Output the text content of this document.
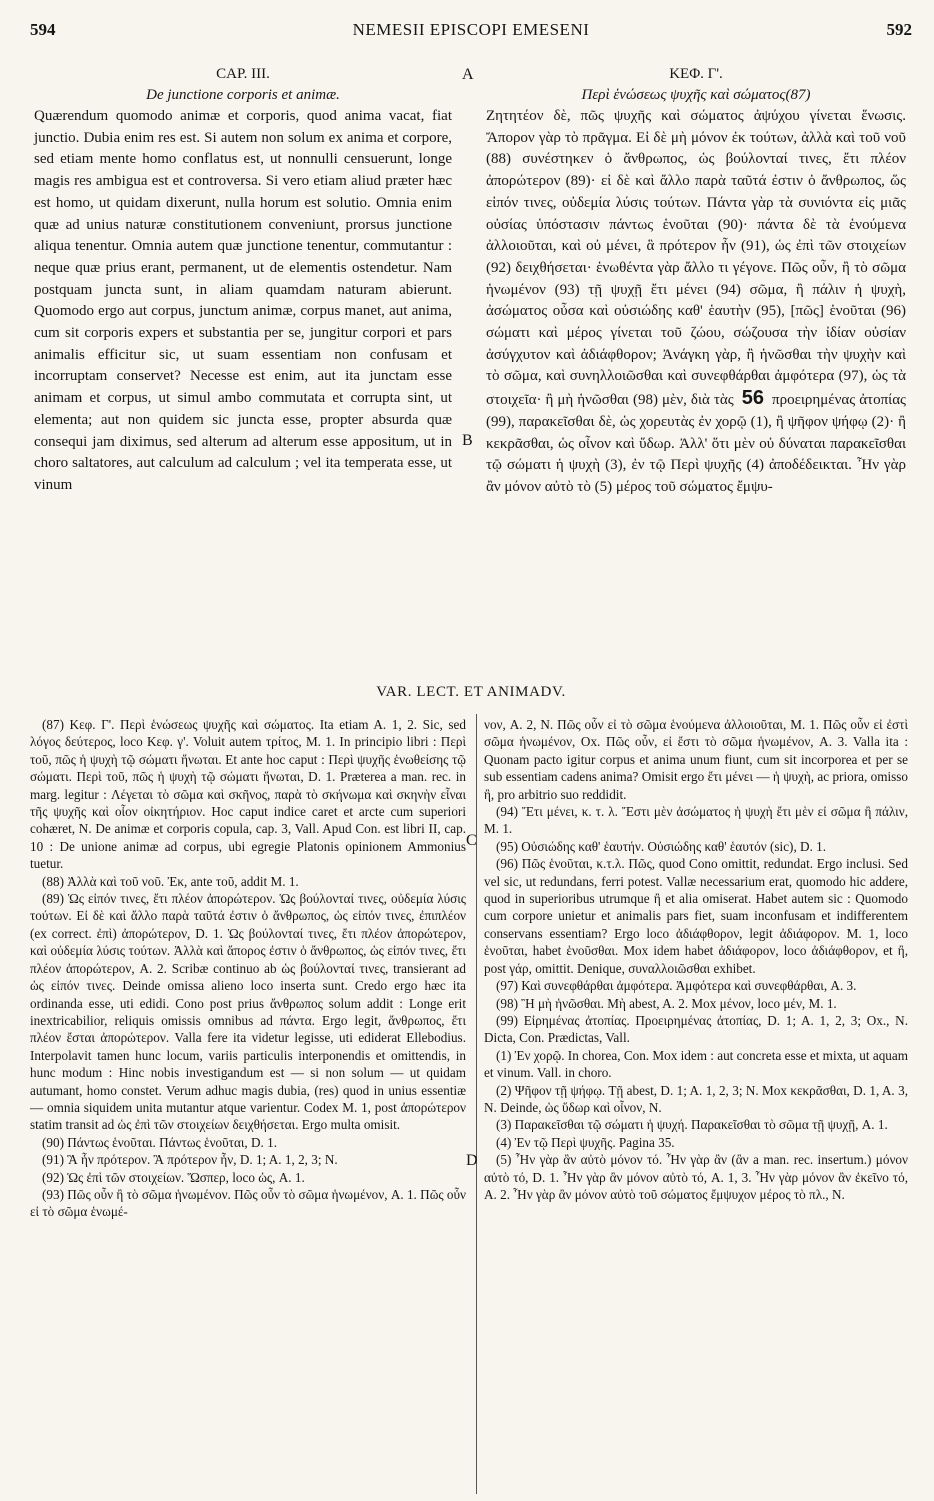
594	NEMESII EPISCOPI EMESENI	592
CAP. III.
De junctione corporis et animæ.
Quærendum quomodo animæ et corporis, quod anima vacat, fiat junctio. Dubia enim res est. Si autem non solum ex anima et corpore, sed etiam mente homo conflatus est, ut nonnulli censuerunt, longe magis res ambigua est et controversa. Si vero etiam aliud præter hæc est homo, ut quidam dixerunt, nulla horum est solutio. Omnia enim quæ ad unius naturæ constitutionem conveniunt, prorsus junctione aliqua tenentur. Omnia autem quæ junctione tenentur, commutantur : neque quæ prius erant, permanent, ut de elementis ostendetur. Nam postquam juncta sunt, in aliam quamdam naturam abierunt. Quomodo ergo aut corpus, junctum animæ, corpus manet, aut anima, cum sit corporis expers et substantia per se, jungitur corpori et pars animalis efficitur sic, ut suam essentiam non confusam et incorruptam conservet? Necesse est enim, aut ita junctam esse animam et corpus, ut simul ambo commutata et corrupta sint, ut elementa; aut non quidem sic juncta esse, propter absurda quæ consequi jam diximus, sed alterum ad alterum esse appositum, ut in choro saltatores, aut calculum ad calculum ; vel ita temperata esse, ut vinum
A
B
ΚΕΦ. Γ'.
Περὶ ἑνώσεως ψυχῆς καὶ σώματος(87)
Ζητητέον δὲ, πῶς ψυχῆς καὶ σώματος ἀψύχου γίνεται ἕνωσις. Ἄπορον γὰρ τὸ πρᾶγμα. Εἰ δὲ μὴ μόνον ἐκ τούτων, ἀλλὰ καὶ τοῦ νοῦ (88) συνέστηκεν ὁ ἄνθρωπος, ὡς βούλονταί τινες, ἔτι πλέον ἀπορώτερον (89)· εἰ δὲ καὶ ἄλλο παρὰ ταῦτά ἐστιν ὁ ἄνθρωπος, ὥς εἰπόν τινες, οὐδεμία λύσις τούτων. Πάντα γὰρ τὰ συνιόντα εἰς μιᾶς οὐσίας ὑπόστασιν πάντως ἑνοῦται (90)· πάντα δὲ τὰ ἑνούμενα ἀλλοιοῦται, καὶ οὐ μένει, ἃ πρότερον ἦν (91), ὡς ἐπὶ τῶν στοιχείων (92) δειχθήσεται· ἑνωθέντα γὰρ ἄλλο τι γέγονε. Πῶς οὖν, ἢ τὸ σῶμα ἡνωμένον (93) τῇ ψυχῇ ἔτι μένει (94) σῶμα, ἢ πάλιν ἡ ψυχὴ, ἀσώματος οὖσα καὶ οὐσιώδης καθ' ἑαυτὴν (95), [πῶς] ἑνοῦται (96) σώματι καὶ μέρος γίνεται τοῦ ζώου, σώζουσα τὴν ἰδίαν οὐσίαν ἀσύγχυτον καὶ ἀδιάφθορον; Ἀνάγκη γὰρ, ἢ ἡνῶσθαι τὴν ψυχὴν καὶ τὸ σῶμα, καὶ συνηλλοιῶσθαι καὶ συνεφθάρθαι ἀμφότερα (97), ὡς τὰ στοιχεῖα· ἢ μὴ ἡνῶσθαι (98) μὲν, διὰ τὰς 56 προειρημένας ἀτοπίας (99), παρακεῖσθαι δὲ, ὡς χορευτὰς ἐν χορῷ (1), ἢ ψῆφον ψήφῳ (2)· ἢ κεκρᾶσθαι, ὡς οἶνον καὶ ὕδωρ. Ἀλλ' ὅτι μὲν οὐ δύναται παρακεῖσθαι τῷ σώματι ἡ ψυχὴ (3), ἐν τῷ Περὶ ψυχῆς (4) ἀποδέδεικται. Ἦν γὰρ ἂν μόνον αὐτὸ τὸ (5) μέρος τοῦ σώματος ἔμψυ-
VAR. LECT. ET ANIMADV.
C
D

(87) Κεφ. Γ'. Περὶ ἑνώσεως ψυχῆς καὶ σώματος. Ita etiam A. 1, 2. Sic, sed λόγος δεύτερος, loco Κεφ. γ'. Voluit autem τρίτος, M. 1. In principio libri : Περὶ τοῦ, πῶς ἡ ψυχὴ τῷ σώματι ἥνωται. Et ante hoc caput : Περὶ ψυχῆς ἑνωθείσης τῷ σώματι. Περὶ τοῦ, πῶς ἡ ψυχὴ τῷ σώματι ἥνωται, D. 1. Præterea a man. rec. in marg. legitur : Λέγεται τὸ σῶμα καὶ σκῆνος, παρὰ τὸ σκήνωμα καὶ σκηνὴν εἶναι τῆς ψυχῆς καὶ οἷον οἰκητήριον. Hoc caput indice caret et arcte cum superiori cohæret, N. De animæ et corporis copula, cap. 3, Vall. Apud Con. est libri II, cap. 10 : De unione animæ ad corpus, ubi egregie Platonis opinionem Ammonius tuetur.

(88) Ἀλλὰ καὶ τοῦ νοῦ. Ἐκ, ante τοῦ, addit M. 1.

(89) Ὡς εἰπόν τινες, ἔτι πλέον ἀπορώτερον. Ὡς βούλονταί τινες, οὐδεμία λύσις τούτων. Εἰ δὲ καὶ ἄλλο παρὰ ταῦτά ἐστιν ὁ ἄνθρωπος, ὡς εἰπόν τινες, ἐπιπλέον (ex correct. ἐπὶ) ἀπορώτερον, D. 1. Ὡς βούλονταί τινες, ἔτι πλέον ἀπορώτερον, καὶ οὐδεμία λύσις τούτων. Ἀλλὰ καὶ ἄπορος ἐστιν ὁ ἄνθρωπος, ὡς εἰπόν τινες, ἔτι πλέον ἀπορώτερον, A. 2. Scribæ continuo ab ὡς βούλονταί τινες, transierant ad ὡς εἰπόν τινες. Deinde omissa alieno loco inserta sunt. Credo ergo hæc ita ordinanda esse, uti edidi. Cono post prius ἄνθρωπος solum addit : Longe erit inextricabilior, reliquis omissis omnibus ad πάντα. Ergo legit, ἄνθρωπος, ἔτι πλέον ἔσται ἀπορώτερον. Valla fere ita videtur legisse, uti ediderat Ellebodius. Interpolavit tamen hunc locum, variis particulis interponendis et omittendis, in hunc modum : Hinc nobis investigandum est — si non solum — ut quidam autumant, homo constet. Verum adhuc magis dubia, (res) quod in unius essentiæ — omnia siquidem unita mutantur atque varientur. Codex M. 1, post ἀπορώτερον statim transit ad ὡς ἐπὶ τῶν στοιχείων δειχθήσεται. Ergo multa omisit.

(90) Πάντως ἑνοῦται. Πάντως ἑνοῦται, D. 1.

(91) Ἃ ἦν πρότερον. Ἃ πρότερον ἦν, D. 1; A. 1, 2, 3; N.

(92) Ὡς ἐπὶ τῶν στοιχείων. Ὥσπερ, loco ὡς, A. 1.

(93) Πῶς οὖν ἢ τὸ σῶμα ἡνωμένον. Πῶς οὖν τὸ σῶμα ἡνωμένον, A. 1. Πῶς οὖν εἰ τὸ σῶμα ἑνωμέ-

νον, A. 2, N. Πῶς οὖν εἰ τὸ σῶμα ἑνούμενα ἀλλοιοῦται, M. 1. Πῶς οὖν εἰ ἐστὶ σῶμα ἡνωμένον, Ox. Πῶς οὖν, εἰ ἔστι τὸ σῶμα ἡνωμένον, A. 3. Valla ita : Quonam pacto igitur corpus et anima unum fiunt, cum sit incorporea et per se sub essentiam cadens anima? Omisit ergo ἔτι μένει — ἡ ψυχὴ, ac priora, omisso ἢ, pro arbitrio suo reddidit.

(94) Ἔτι μένει, κ. τ. λ. Ἔστι μὲν ἀσώματος ἡ ψυχὴ ἔτι μὲν εἰ σῶμα ἢ πάλιν, M. 1.

(95) Οὐσιώδης καθ' ἑαυτήν. Οὐσιώδης καθ' ἑαυτόν (sic), D. 1.

(96) Πῶς ἑνοῦται, κ.τ.λ. Πῶς, quod Cono omittit, redundat. Ergo inclusi. Sed vel sic, ut redundans, ferri potest. Vallæ necessarium erat, quomodo hic addere, quod in superioribus utrumque ἢ et alia omiserat. Habet autem sic : Quomodo cum corpore unietur et animalis pars fiet, suam inconfusam et indifferentem conservans essentiam? Ergo loco ἀδιάφθορον, legit ἀδιάφορον. M. 1, loco ἑνοῦται, habet ἑνοῦσθαι. Mox idem habet ἀδιάφορον, loco ἀδιάφθορον, et ἢ, post γάρ, omittit. Denique, συναλλοιῶσθαι exhibet.

(97) Καὶ συνεφθάρθαι ἀμφότερα. Ἀμφότερα καὶ συνεφθάρθαι, A. 3.

(98) Ἢ μὴ ἡνῶσθαι. Μὴ abest, A. 2. Mox μένον, loco μέν, M. 1.

(99) Εἰρημένας ἀτοπίας. Προειρημένας ἀτοπίας, D. 1; A. 1, 2, 3; Ox., N. Dicta, Con. Prædictas, Vall.

(1) Ἐν χορῷ. In chorea, Con. Mox idem : aut concreta esse et mixta, ut aquam et vinum. Vall. in choro.

(2) Ψῆφον τῇ ψήφῳ. Τῇ abest, D. 1; A. 1, 2, 3; N. Mox κεκρᾶσθαι, D. 1, A. 3, N. Deinde, ὡς ὕδωρ καὶ οἶνον, N.

(3) Παρακεῖσθαι τῷ σώματι ἡ ψυχή. Παρακεῖσθαι τὸ σῶμα τῇ ψυχῇ, A. 1.

(4) Ἐν τῷ Περὶ ψυχῆς. Pagina 35.

(5) Ἦν γὰρ ἂν αὐτὸ μόνον τό. Ἦν γὰρ ἂν (ἂν a man. rec. insertum.) μόνον αὐτὸ τό, D. 1. Ἦν γὰρ ἂν μόνον αὐτὸ τό, A. 1, 3. Ἦν γὰρ μόνον ἂν ἐκεῖνο τό, A. 2. Ἦν γὰρ ἂν μόνον αὐτὸ τοῦ σώματος ἔμψυχον μέρος τὸ πλ., N.
